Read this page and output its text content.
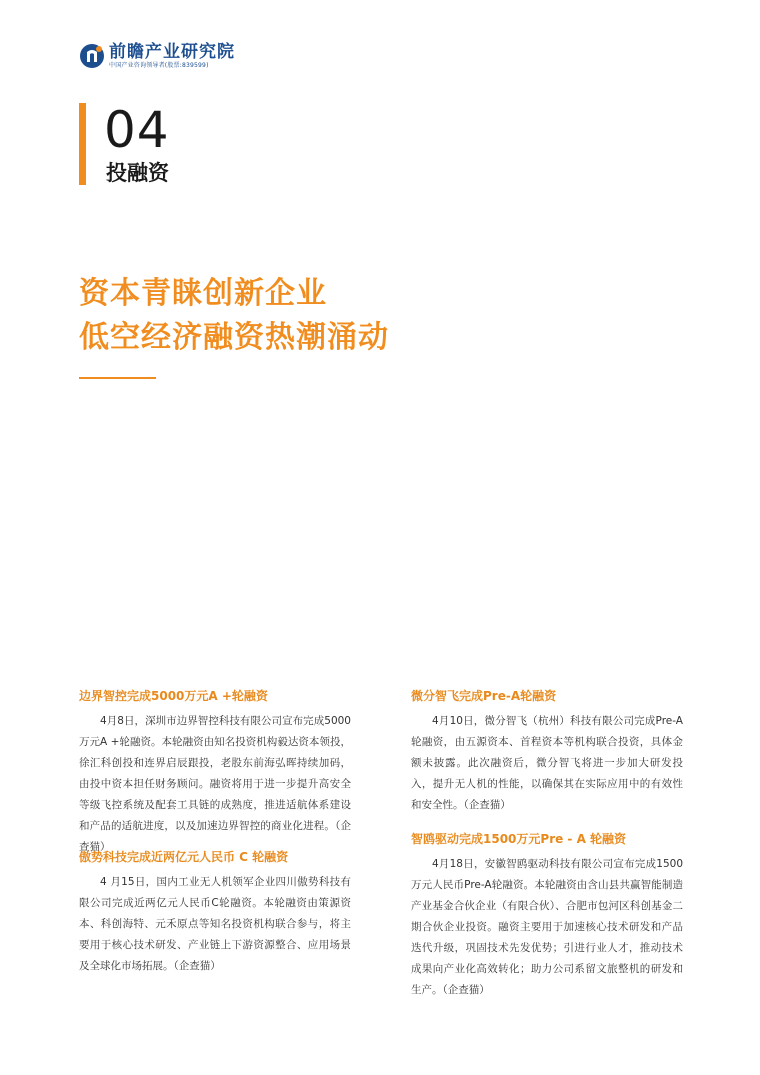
前瞻产业研究院
中国产业咨询领导者(股票:839599)
04
投融资
资本青睐创新企业
低空经济融资热潮涌动
边界智控完成5000万元A +轮融资
4月8日，深圳市边界智控科技有限公司宣布完成5000万元A +轮融资。本轮融资由知名投资机构毅达资本领投，徐汇科创投和连界启辰跟投，老股东前海弘晖持续加码，由投中资本担任财务顾问。融资将用于进一步提升高安全等级飞控系统及配套工具链的成熟度，推进适航体系建设和产品的适航进度，以及加速边界智控的商业化进程。（企查猫）
傲势科技完成近两亿元人民币 C 轮融资
4 月15日，国内工业无人机领军企业四川傲势科技有限公司完成近两亿元人民币C轮融资。本轮融资由策源资本、科创海特、元禾原点等知名投资机构联合参与，将主要用于核心技术研发、产业链上下游资源整合、应用场景及全球化市场拓展。（企查猫）
微分智飞完成Pre-A轮融资
4月10日，微分智飞（杭州）科技有限公司完成Pre-A轮融资，由五源资本、首程资本等机构联合投资，具体金额未披露。此次融资后，微分智飞将进一步加大研发投入，提升无人机的性能，以确保其在实际应用中的有效性和安全性。（企查猫）
智鸥驱动完成1500万元Pre - A 轮融资
4月18日，安徽智鸥驱动科技有限公司宣布完成1500万元人民币Pre-A轮融资。本轮融资由含山县共赢智能制造产业基金合伙企业（有限合伙）、合肥市包河区科创基金二期合伙企业投资。融资主要用于加速核心技术研发和产品迭代升级，巩固技术先发优势；引进行业人才，推动技术成果向产业化高效转化；助力公司系留文旅整机的研发和生产。（企查猫）
